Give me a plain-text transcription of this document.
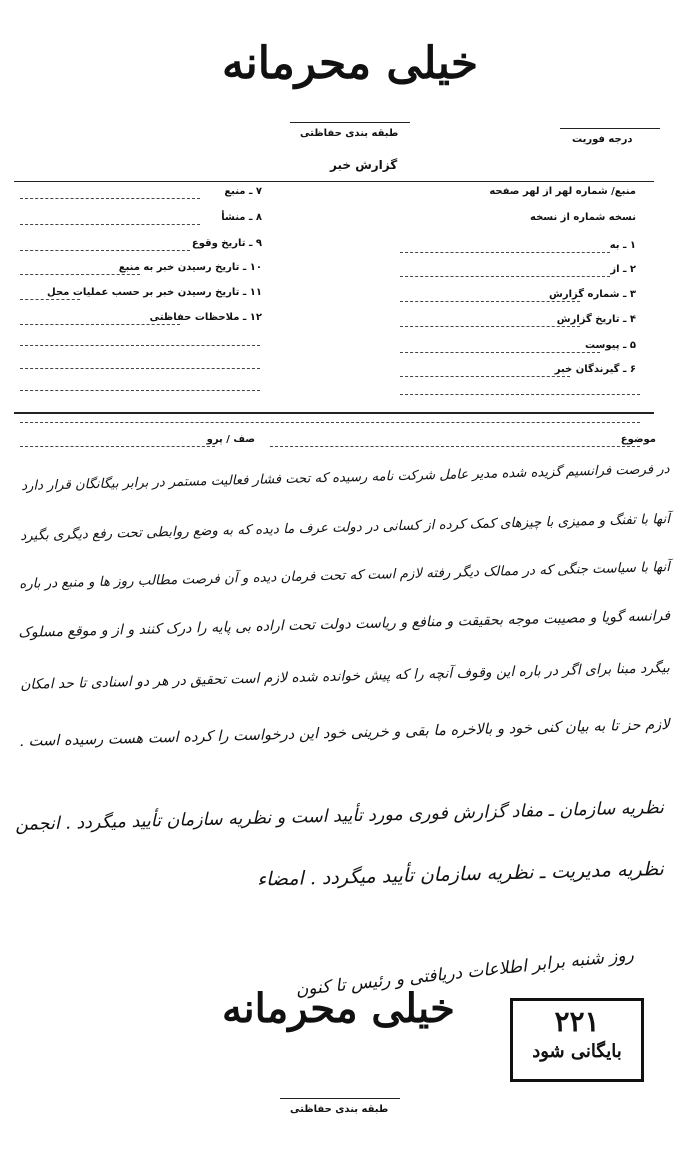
خیلی محرمانه
طبقه بندی حفاظتی
درجه فوریت
گزارش خبر
منبع/ شماره لهر از لهر صفحه
نسخه شماره از نسخه
۱ ـ به
۲ ـ از
۳ ـ شماره گزارش
۴ ـ تاریخ گزارش
۵ ـ پیوست
۶ ـ گیرندگان خبر
۷ ـ منبع
۸ ـ منشأ
۹ ـ تاریخ وقوع
۱۰ ـ تاریخ رسیدن خبر به منبع
۱۱ ـ تاریخ رسیدن خبر بر حسب عملیات محل
۱۲ ـ ملاحظات حفاظتی
موضوع
صف / پرو
در فرصت فرانسیم گزیده شده مدیر عامل شرکت نامه رسیده که تحت فشار فعالیت مستمر در برابر بیگانگان قرار دارد
آنها با تفنگ و ممیزی با چیزهای کمک کرده از کسانی در دولت عرف ما دیده که به وضع روابطی تحت رفع دیگری بگیرد
آنها با سیاست جنگی که در ممالک دیگر رفته لازم است که تحت فرمان دیده و آن فرصت مطالب روز ها و منبع در باره
فرانسه گویا و مصیبت موجه بحقیقت و منافع و ریاست دولت تحت اراده بی پایه را درک کنند و از و موقع مسلوک
بیگرد مبنا برای اگر در باره این وقوف آنچه را که پیش خوانده شده لازم است تحقیق در هر دو اسنادی تا حد امکان
لازم حز تا به بیان کنی خود و بالاخره ما بقی و خرینی خود این درخواست را کرده است هست رسیده است .
نظریه سازمان ـ مفاد گزارش فوری مورد تأیید است و نظریه سازمان تأیید میگردد . انجمن
نظریه مدیریت ـ نظریه سازمان تأیید میگردد . امضاء
روز شنبه برابر اطلاعات دریافتی و رئیس تا کنون
خیلی محرمانه	۲۲۱
بایگانی شود
طبقه بندی حفاظتی
